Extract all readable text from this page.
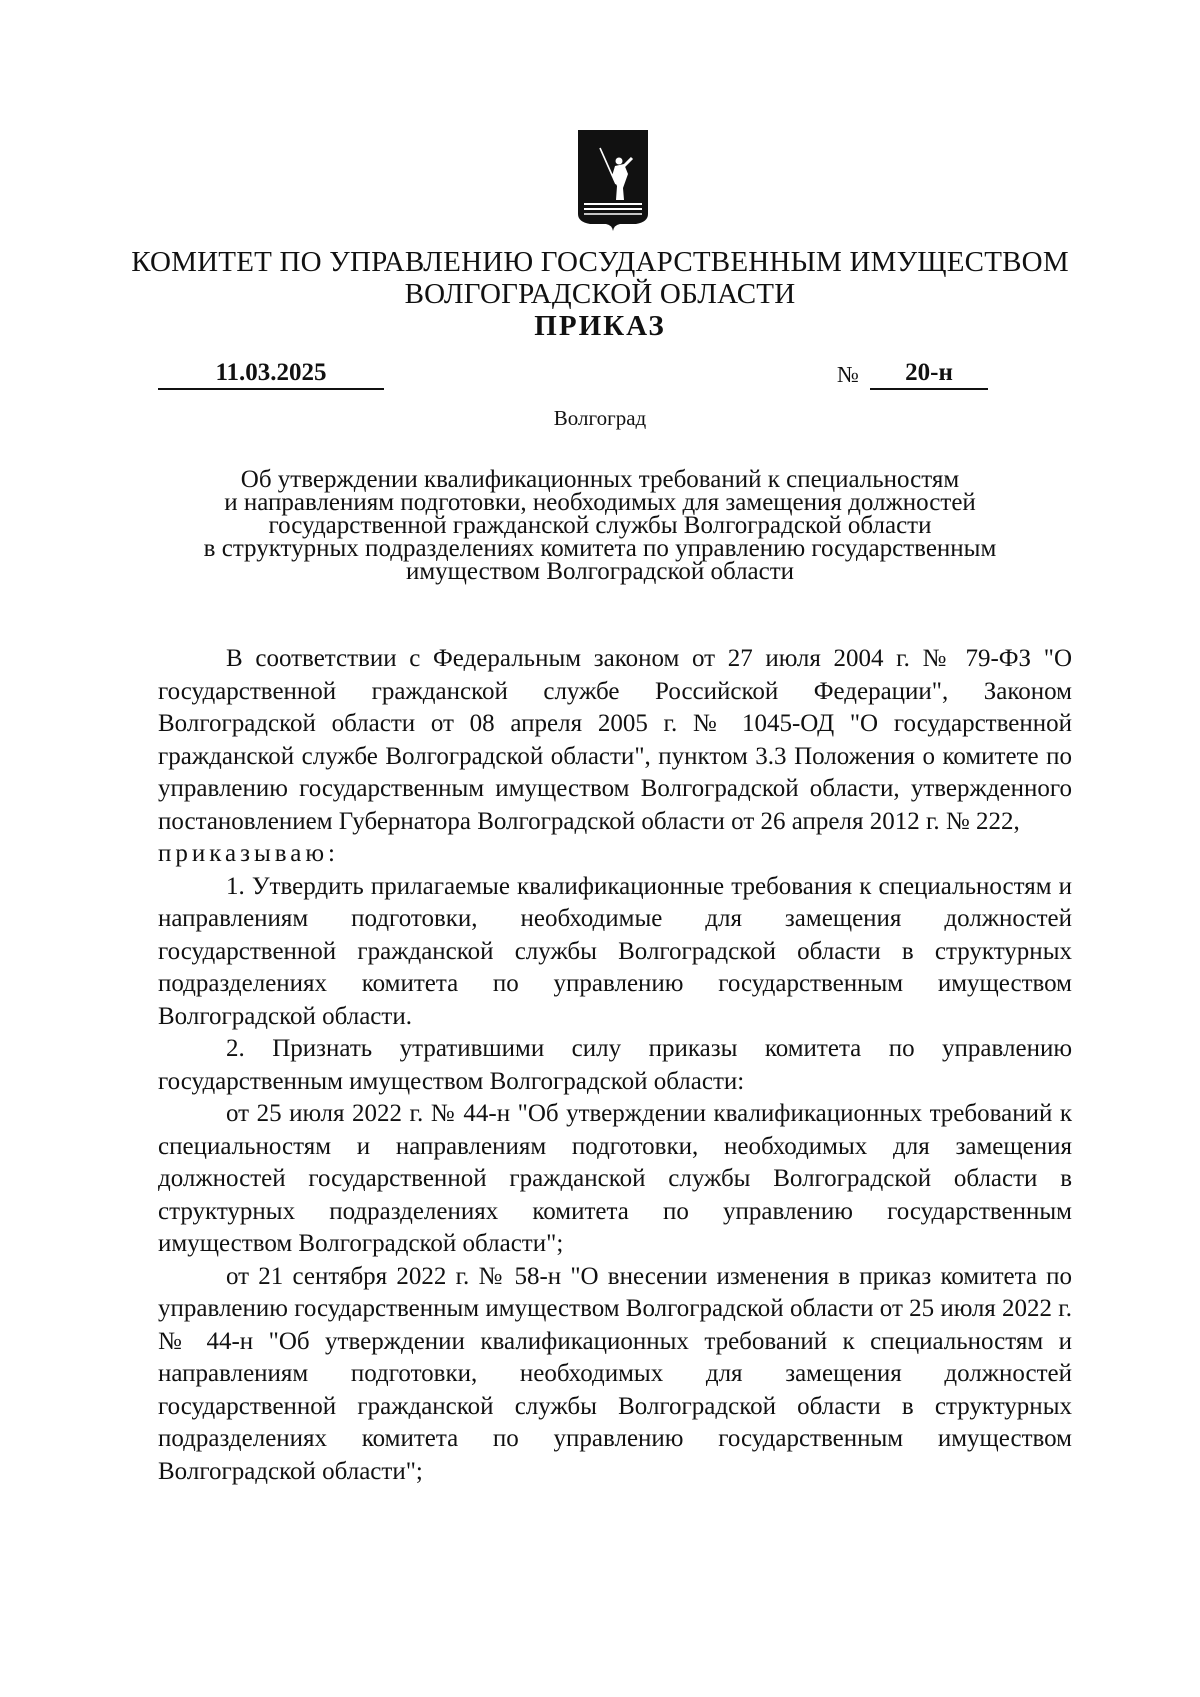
КОМИТЕТ ПО УПРАВЛЕНИЮ ГОСУДАРСТВЕННЫМ ИМУЩЕСТВОМ
ВОЛГОГРАДСКОЙ ОБЛАСТИ
ПРИКАЗ
11.03.2025	№	20-н
Волгоград
Об утверждении квалификационных требований к специальностям
и направлениям подготовки, необходимых для замещения должностей
государственной гражданской службы Волгоградской области
в структурных подразделениях комитета по управлению государственным
имуществом Волгоградской области

В соответствии с Федеральным законом от 27 июля 2004 г. № 79-ФЗ "О государственной гражданской службе Российской Федерации", Законом Волгоградской области от 08 апреля 2005 г. № 1045-ОД "О государственной гражданской службе Волгоградской области", пунктом 3.3 Положения о комитете по управлению государственным имуществом Волгоградской области, утвержденного постановлением Губернатора Волгоградской области от 26 апреля 2012 г. № 222,

приказываю:

1. Утвердить прилагаемые квалификационные требования к специальностям и направлениям подготовки, необходимые для замещения должностей государственной гражданской службы Волгоградской области в структурных подразделениях комитета по управлению государственным имуществом Волгоградской области.

2. Признать утратившими силу приказы комитета по управлению государственным имуществом Волгоградской области:

от 25 июля 2022 г. № 44-н "Об утверждении квалификационных требований к специальностям и направлениям подготовки, необходимых для замещения должностей государственной гражданской службы Волгоградской области в структурных подразделениях комитета по управлению государственным имуществом Волгоградской области";

от 21 сентября 2022 г. № 58-н "О внесении изменения в приказ комитета по управлению государственным имуществом Волгоградской области от 25 июля 2022 г. № 44-н "Об утверждении квалификационных требований к специальностям и направлениям подготовки, необходимых для замещения должностей государственной гражданской службы Волгоградской области в структурных подразделениях комитета по управлению государственным имуществом Волгоградской области";
